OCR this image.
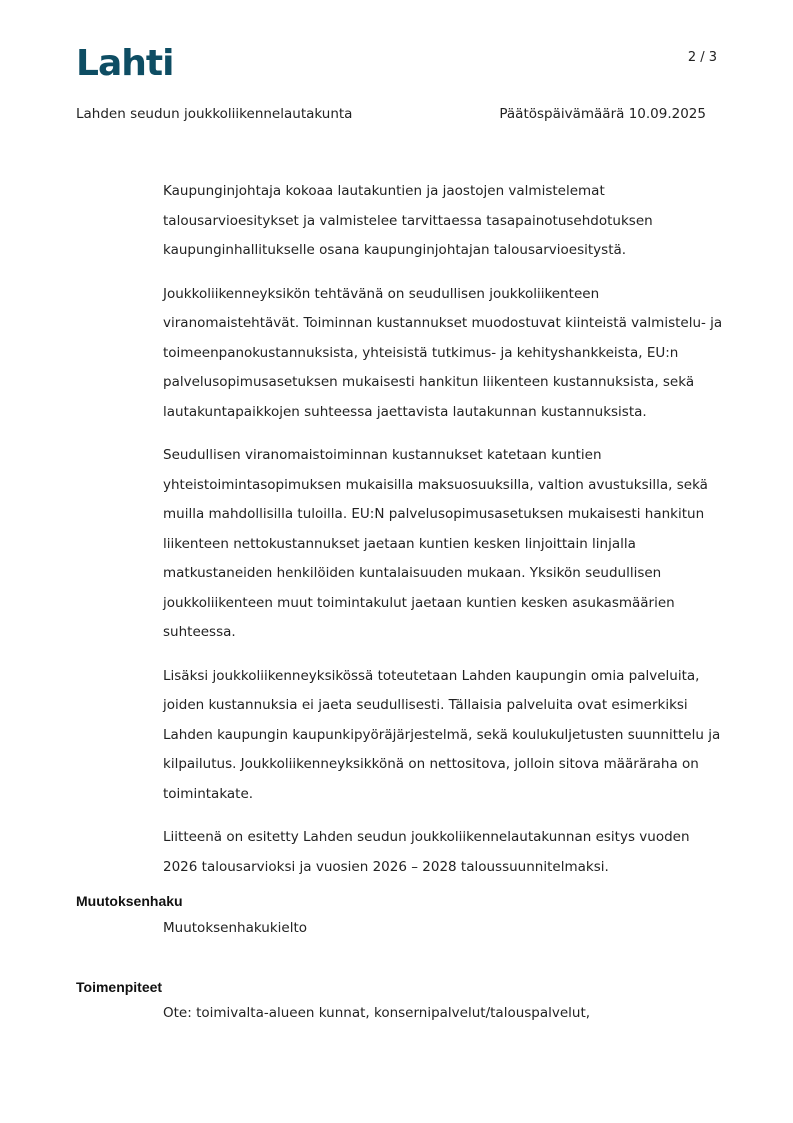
Lahti	2 / 3
Lahden seudun joukkoliikennelautakunta	Päätöspäivämäärä 10.09.2025

Kaupunginjohtaja kokoaa lautakuntien ja jaostojen valmistelemat talousarvioesitykset ja valmistelee tarvittaessa tasapainotusehdotuksen kaupunginhallitukselle osana kaupunginjohtajan talousarvioesitystä.

Joukkoliikenneyksikön tehtävänä on seudullisen joukkoliikenteen viranomaistehtävät. Toiminnan kustannukset muodostuvat kiinteistä valmistelu- ja toimeenpanokustannuksista, yhteisistä tutkimus- ja kehityshankkeista, EU:n palvelusopimusasetuksen mukaisesti hankitun liikenteen kustannuksista, sekä lautakuntapaikkojen suhteessa jaettavista lautakunnan kustannuksista.

Seudullisen viranomaistoiminnan kustannukset katetaan kuntien yhteistoimintasopimuksen mukaisilla maksuosuuksilla, valtion avustuksilla, sekä muilla mahdollisilla tuloilla. EU:N palvelusopimusasetuksen mukaisesti hankitun liikenteen nettokustannukset jaetaan kuntien kesken linjoittain linjalla matkustaneiden henkilöiden kuntalaisuuden mukaan. Yksikön seudullisen joukkoliikenteen muut toimintakulut jaetaan kuntien kesken asukasmäärien suhteessa.

Lisäksi joukkoliikenneyksikössä toteutetaan Lahden kaupungin omia palveluita, joiden kustannuksia ei jaeta seudullisesti. Tällaisia palveluita ovat esimerkiksi Lahden kaupungin kaupunkipyöräjärjestelmä, sekä koulukuljetusten suunnittelu ja kilpailutus. Joukkoliikenneyksikkönä on nettositova, jolloin sitova määräraha on toimintakate.

Liitteenä on esitetty Lahden seudun joukkoliikennelautakunnan esitys vuoden 2026 talousarvioksi ja vuosien 2026 – 2028 taloussuunnitelmaksi.

Muutoksenhaku
Muutoksenhakukielto
Toimenpiteet
Ote: toimivalta-alueen kunnat, konsernipalvelut/talouspalvelut,
